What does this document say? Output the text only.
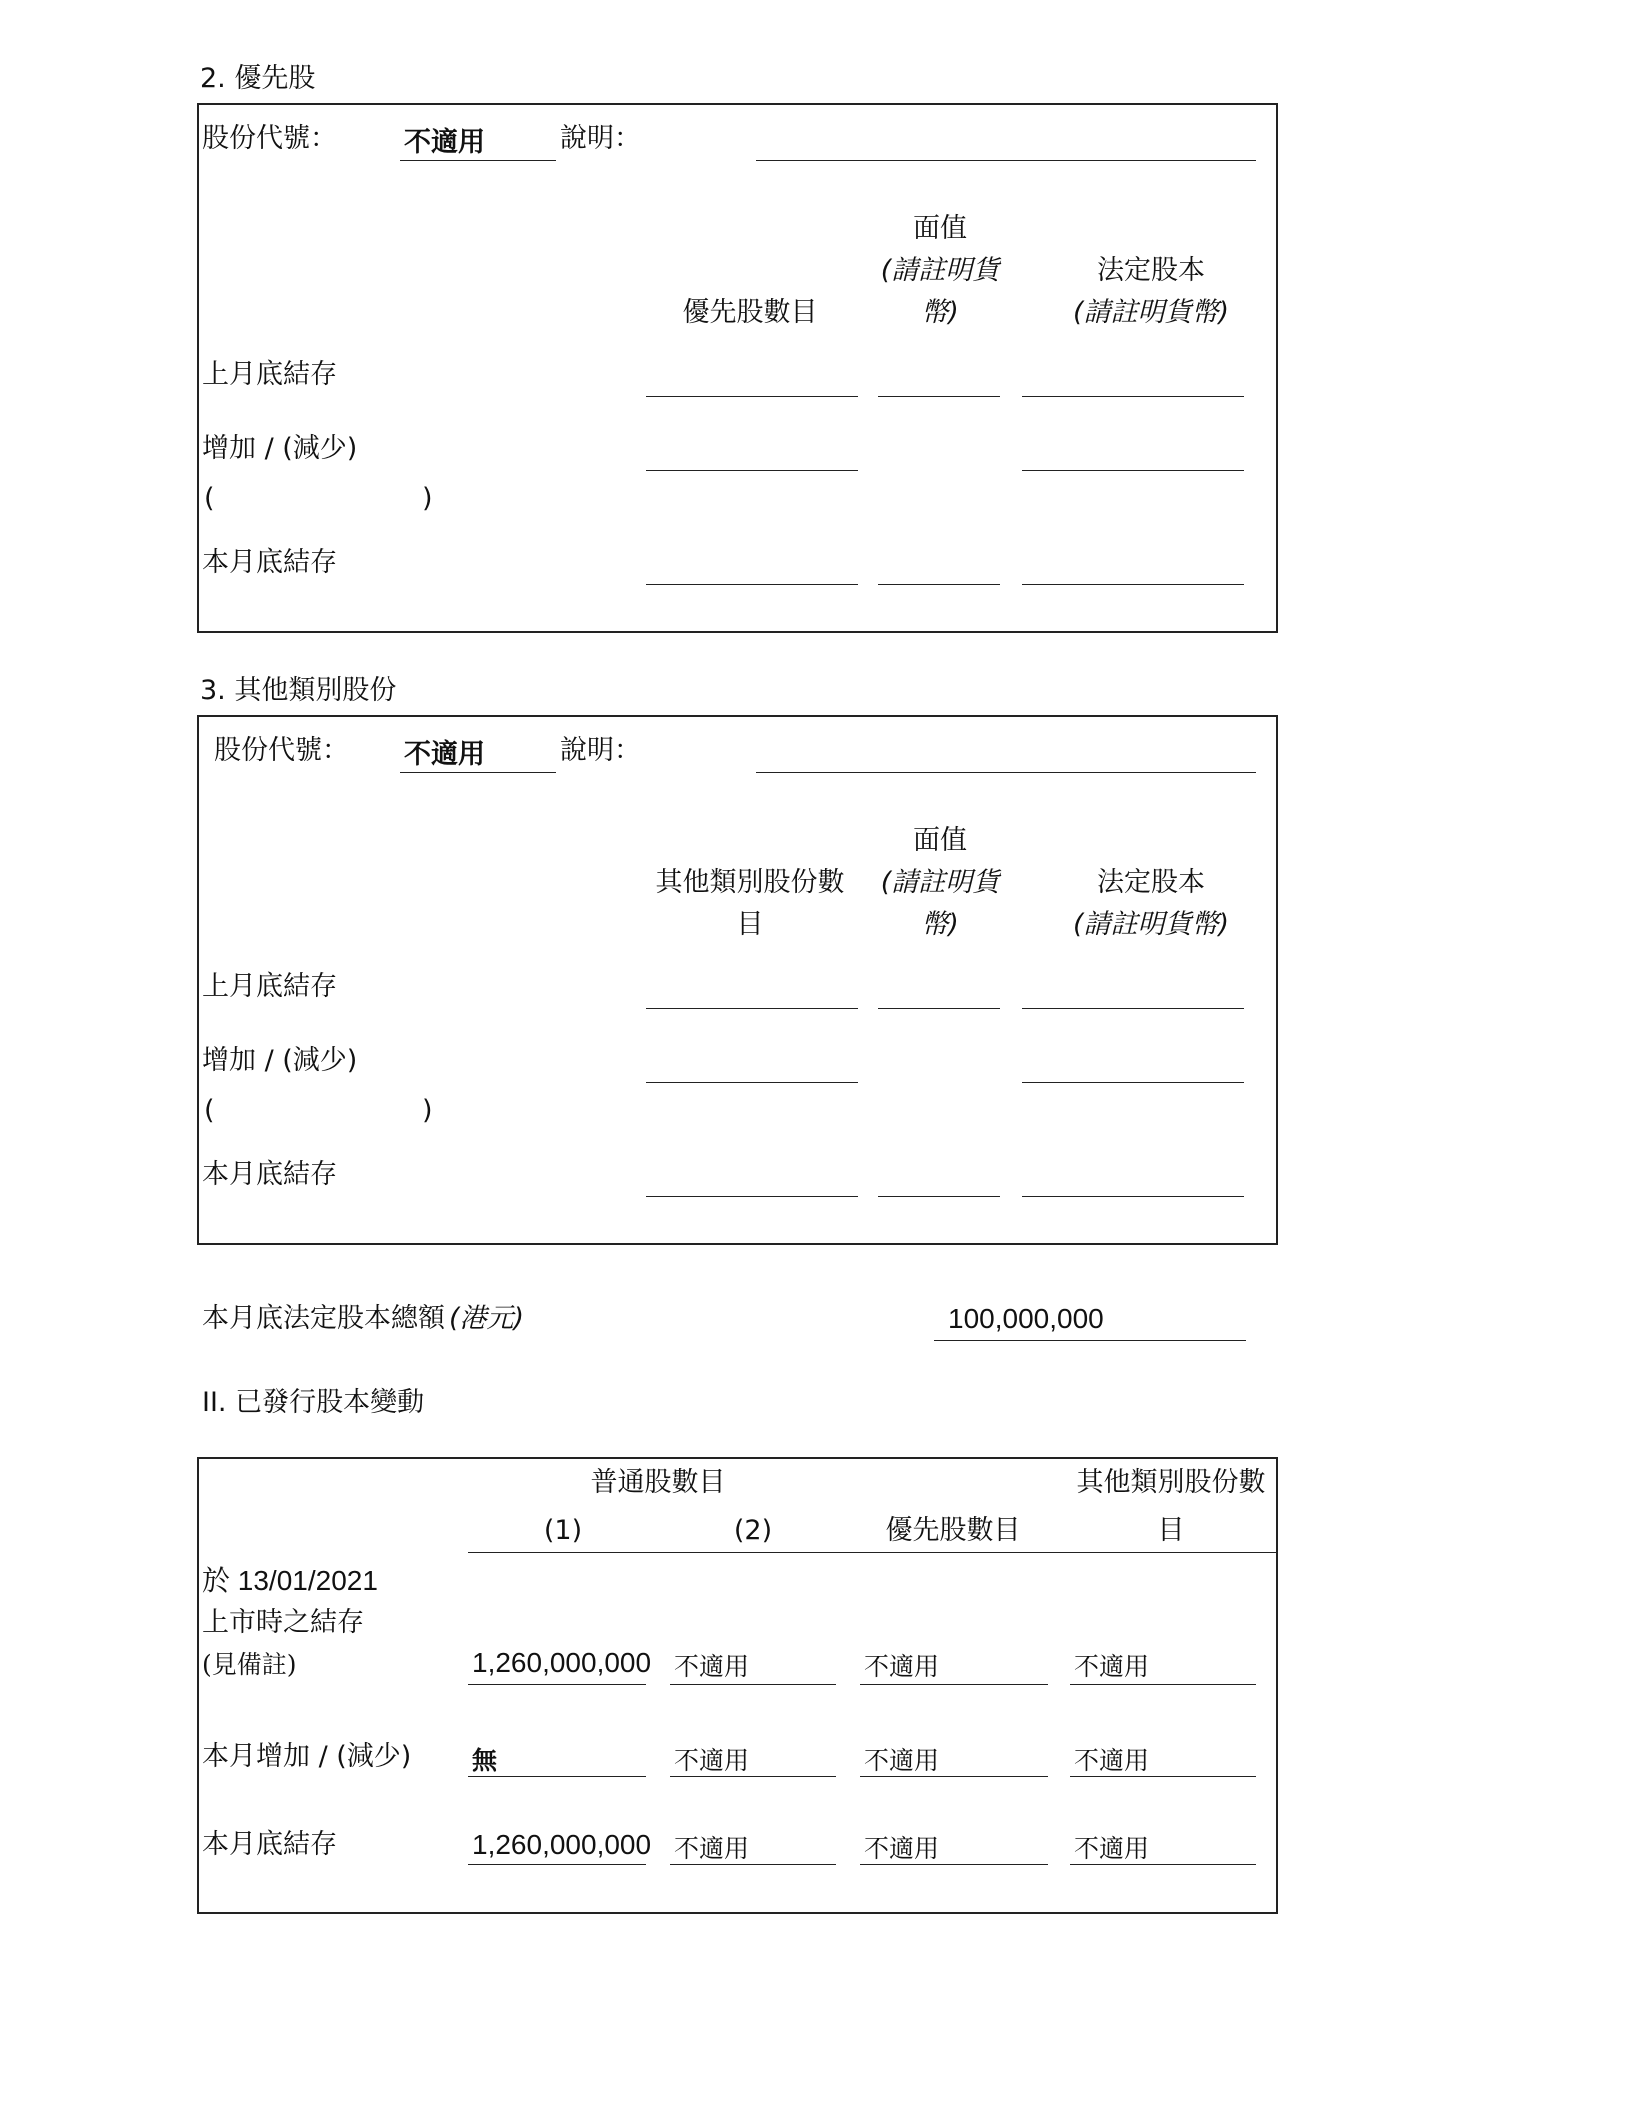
2. 優先股
股份代號： 不適用	說明：
優先股數目
面值
(請註明貨
幣)
法定股本
(請註明貨幣)
上月底結存
增加 / (減少)
(	)
本月底結存
3. 其他類別股份
股份代號： 不適用	說明：
其他類別股份數
目
面值
(請註明貨
幣)
法定股本
(請註明貨幣)
上月底結存
增加 / (減少)
(	)
本月底結存
本月底法定股本總額 (港元)	100,000,000
II. 已發行股本變動
普通股數目	其他類別股份數
(1)	(2)	優先股數目	目
於 13/01/2021
上市時之結存
(見備註)	1,260,000,000 不適用	不適用	不適用
本月增加 / (減少) 無	不適用	不適用	不適用
本月底結存	1,260,000,000 不適用	不適用	不適用
